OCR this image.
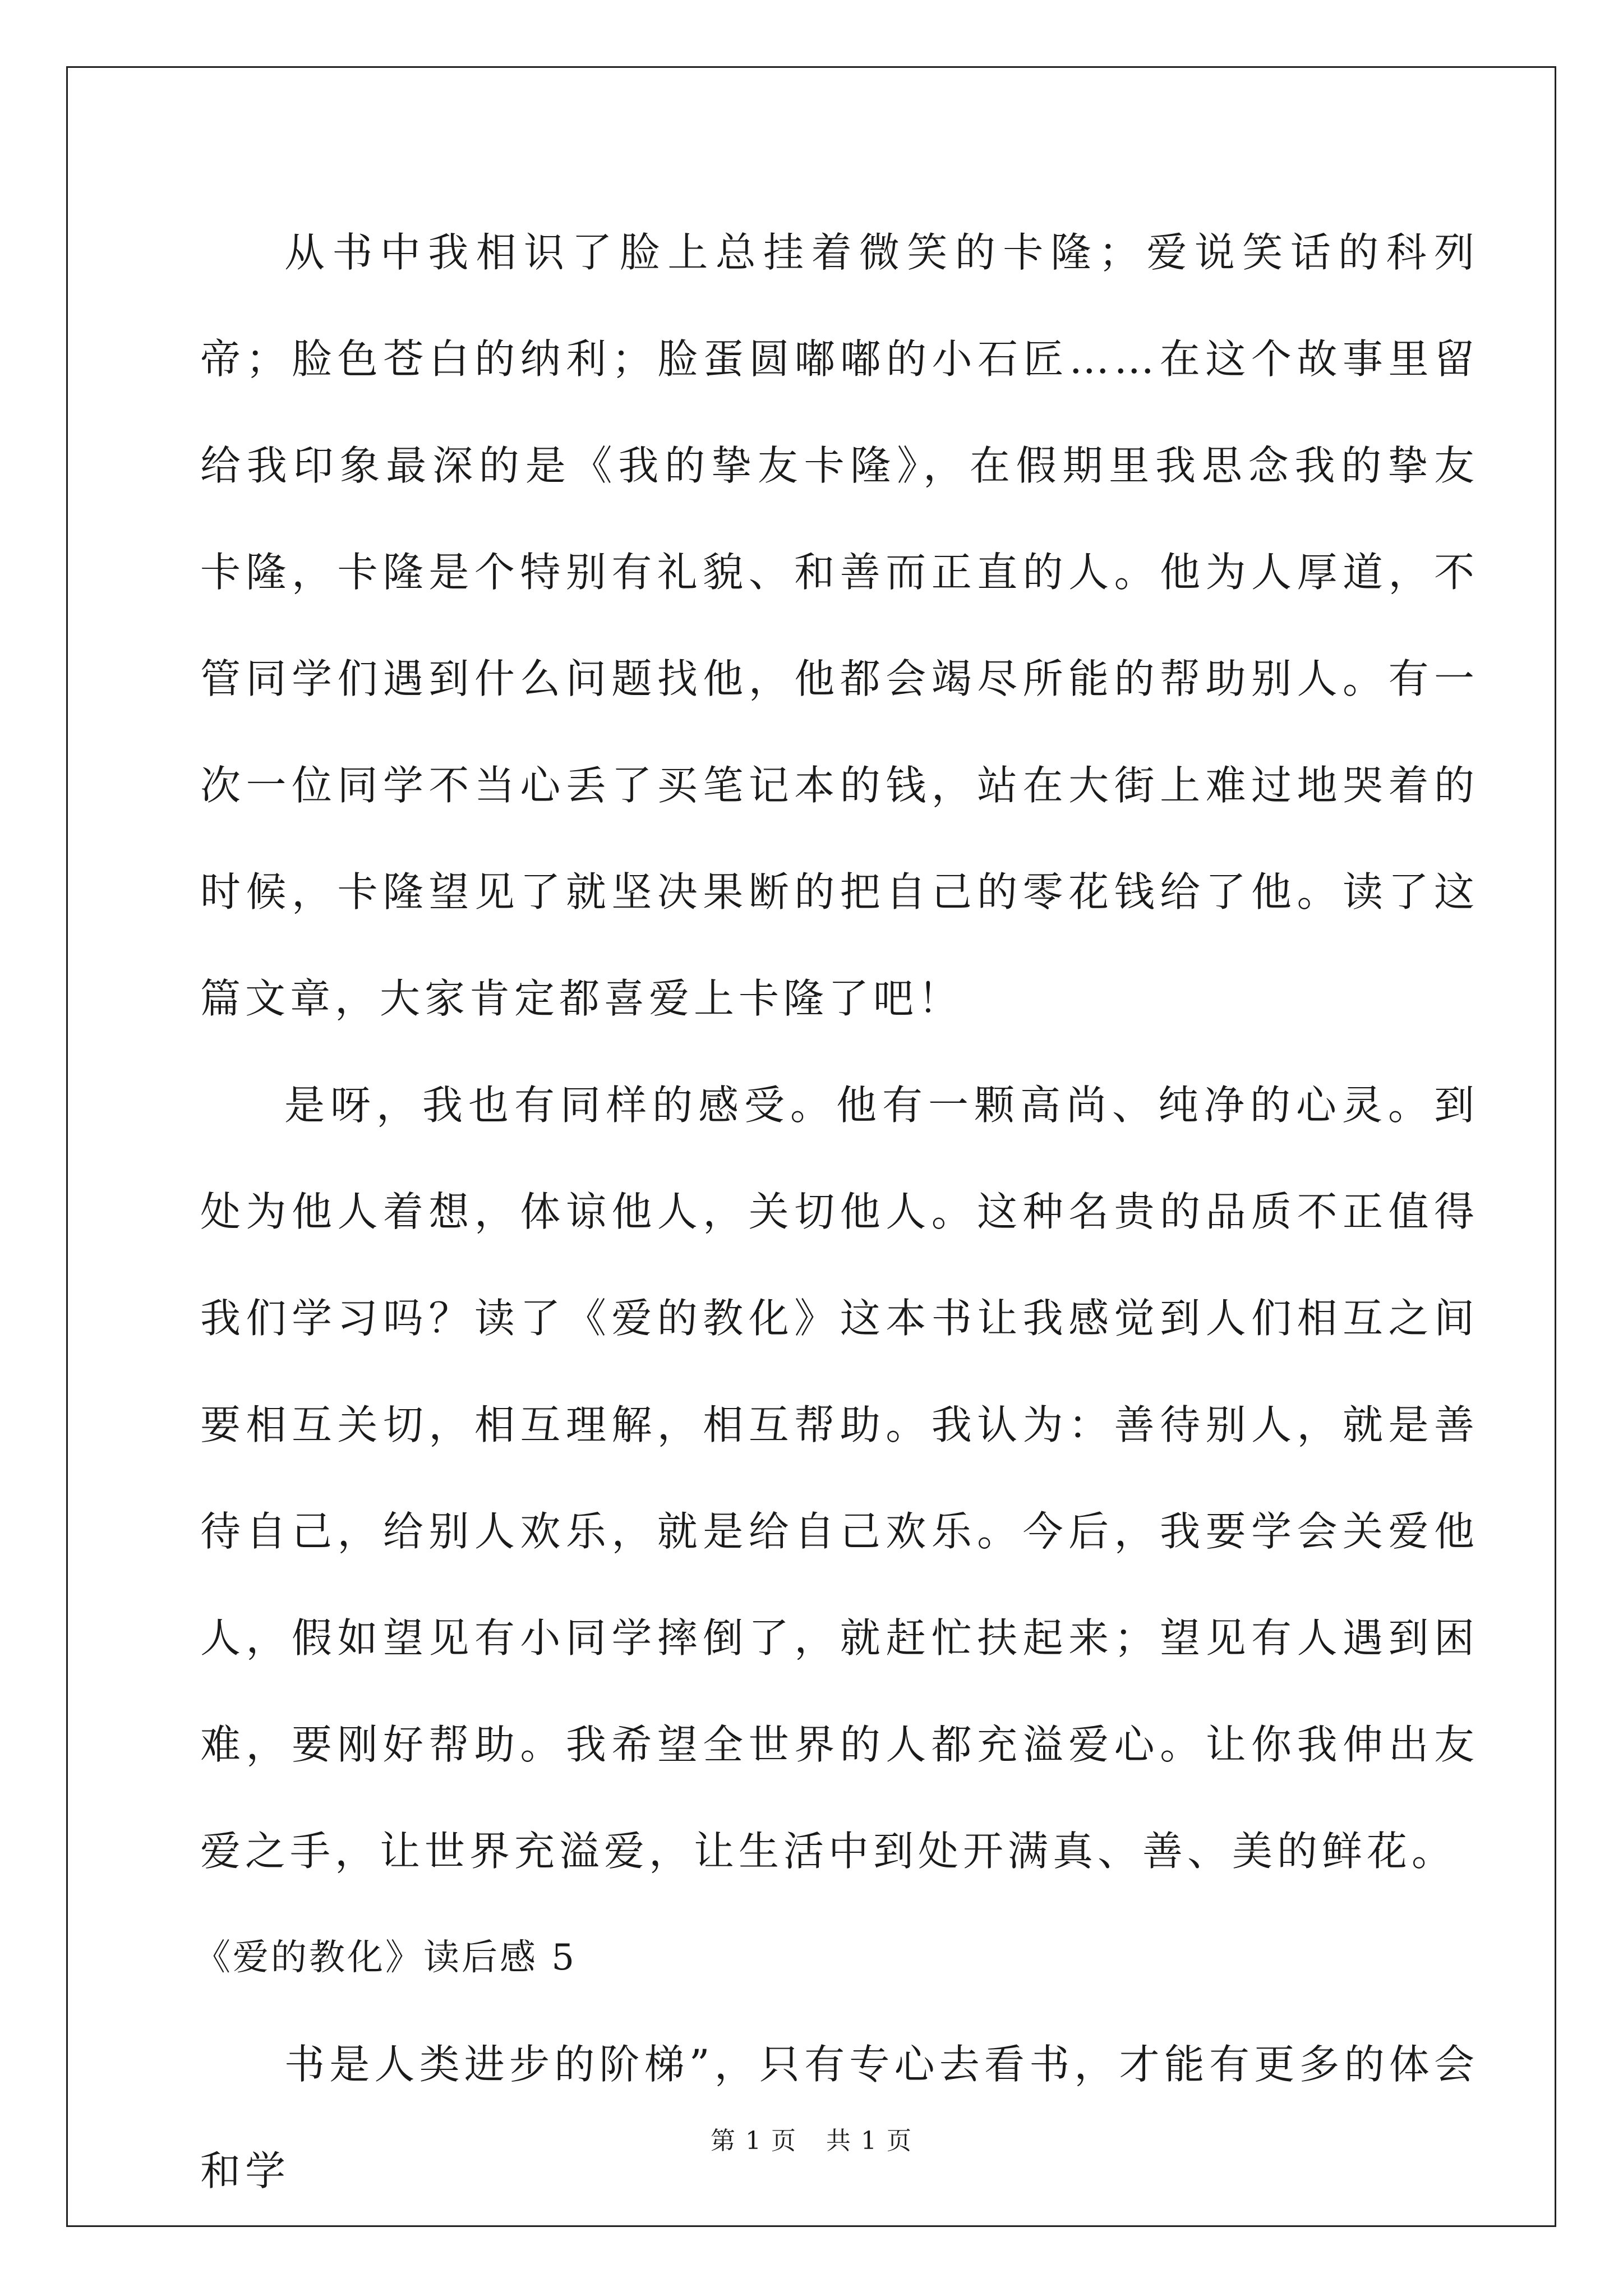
从书中我相识了脸上总挂着微笑的卡隆；爱说笑话的科列帝；脸色苍白的纳利；脸蛋圆嘟嘟的小石匠……在这个故事里留给我印象最深的是《我的挚友卡隆》，在假期里我思念我的挚友卡隆，卡隆是个特别有礼貌、和善而正直的人。他为人厚道，不管同学们遇到什么问题找他，他都会竭尽所能的帮助别人。有一次一位同学不当心丢了买笔记本的钱，站在大街上难过地哭着的时候，卡隆望见了就坚决果断的把自己的零花钱给了他。读了这篇文章，大家肯定都喜爱上卡隆了吧！

是呀，我也有同样的感受。他有一颗高尚、纯净的心灵。到处为他人着想，体谅他人，关切他人。这种名贵的品质不正值得我们学习吗？读了《爱的教化》这本书让我感觉到人们相互之间要相互关切，相互理解，相互帮助。我认为：善待别人，就是善待自己，给别人欢乐，就是给自己欢乐。今后，我要学会关爱他人，假如望见有小同学摔倒了，就赶忙扶起来；望见有人遇到困难，要刚好帮助。我希望全世界的人都充溢爱心。让你我伸出友爱之手，让世界充溢爱，让生活中到处开满真、善、美的鲜花。

《爱的教化》读后感 5

书是人类进步的阶梯”，只有专心去看书，才能有更多的体会和学

第 1 页 共 1 页
